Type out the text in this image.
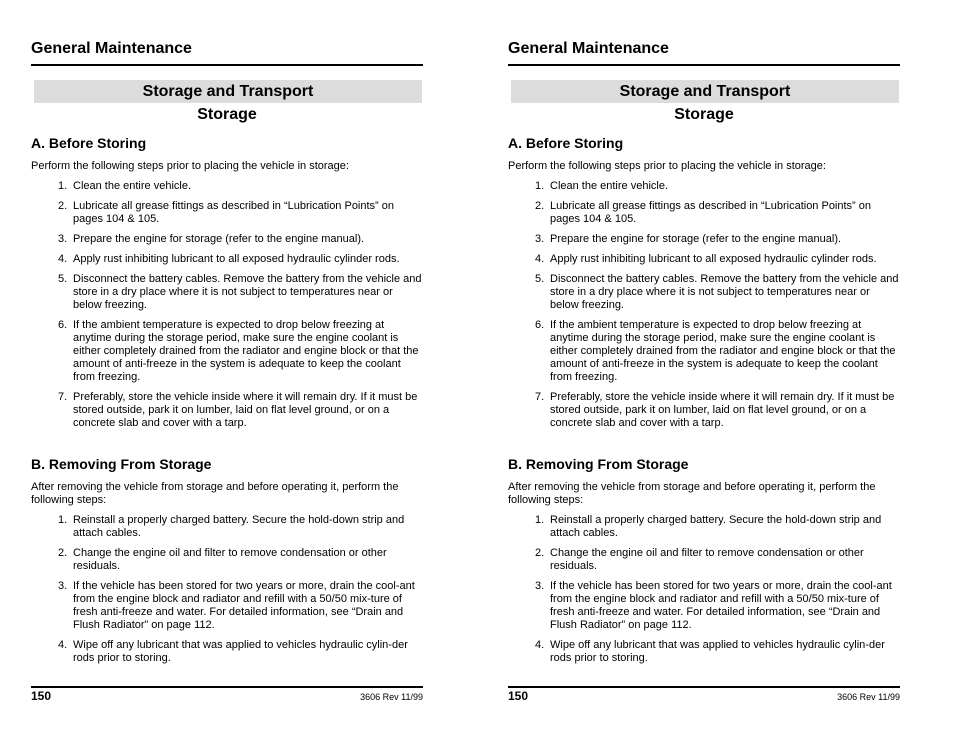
General Maintenance
Storage and Transport
Storage
A. Before Storing
Perform the following steps prior to placing the vehicle in storage:
1. Clean the entire vehicle.
2. Lubricate all grease fittings as described in “Lubrication Points” on pages 104 & 105.
3. Prepare the engine for storage (refer to the engine manual).
4. Apply rust inhibiting lubricant to all exposed hydraulic cylinder rods.
5. Disconnect the battery cables. Remove the battery from the vehicle and store in a dry place where it is not subject to temperatures near or below freezing.
6. If the ambient temperature is expected to drop below freezing at anytime during the storage period, make sure the engine coolant is either completely drained from the radiator and engine block or that the amount of anti-freeze in the system is adequate to keep the coolant from freezing.
7. Preferably, store the vehicle inside where it will remain dry. If it must be stored outside, park it on lumber, laid on flat level ground, or on a concrete slab and cover with a tarp.
B. Removing From Storage
After removing the vehicle from storage and before operating it, perform the following steps:
1. Reinstall a properly charged battery. Secure the hold-down strip and attach cables.
2. Change the engine oil and filter to remove condensation or other residuals.
3. If the vehicle has been stored for two years or more, drain the cool-ant from the engine block and radiator and refill with a 50/50 mix-ture of fresh anti-freeze and water. For detailed information, see “Drain and Flush Radiator” on page 112.
4. Wipe off any lubricant that was applied to vehicles hydraulic cylin-der rods prior to storing.
150	3606 Rev 11/99
General Maintenance
Storage and Transport
Storage
A. Before Storing
Perform the following steps prior to placing the vehicle in storage:
1. Clean the entire vehicle.
2. Lubricate all grease fittings as described in “Lubrication Points” on pages 104 & 105.
3. Prepare the engine for storage (refer to the engine manual).
4. Apply rust inhibiting lubricant to all exposed hydraulic cylinder rods.
5. Disconnect the battery cables. Remove the battery from the vehicle and store in a dry place where it is not subject to temperatures near or below freezing.
6. If the ambient temperature is expected to drop below freezing at anytime during the storage period, make sure the engine coolant is either completely drained from the radiator and engine block or that the amount of anti-freeze in the system is adequate to keep the coolant from freezing.
7. Preferably, store the vehicle inside where it will remain dry. If it must be stored outside, park it on lumber, laid on flat level ground, or on a concrete slab and cover with a tarp.
B. Removing From Storage
After removing the vehicle from storage and before operating it, perform the following steps:
1. Reinstall a properly charged battery. Secure the hold-down strip and attach cables.
2. Change the engine oil and filter to remove condensation or other residuals.
3. If the vehicle has been stored for two years or more, drain the cool-ant from the engine block and radiator and refill with a 50/50 mix-ture of fresh anti-freeze and water. For detailed information, see “Drain and Flush Radiator” on page 112.
4. Wipe off any lubricant that was applied to vehicles hydraulic cylin-der rods prior to storing.
150	3606 Rev 11/99
